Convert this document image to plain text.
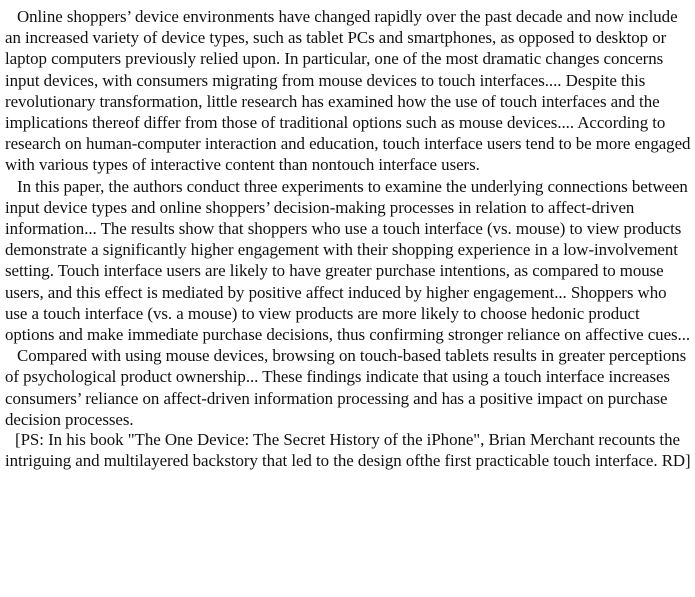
Online shoppers’ device environments have changed rapidly over the past decade and now include an increased variety of device types, such as tablet PCs and smartphones, as opposed to desktop or laptop computers previously relied upon. In particular, one of the most dramatic changes concerns input devices, with consumers migrating from mouse devices to touch interfaces.... Despite this revolutionary transformation, little research has examined how the use of touch interfaces and the implications thereof differ from those of traditional options such as mouse devices.... According to research on human-computer interaction and education, touch interface users tend to be more engaged with various types of interactive content than nontouch interface users.

In this paper, the authors conduct three experiments to examine the underlying connections between input device types and online shoppers’ decision-making processes in relation to affect-driven information... The results show that shoppers who use a touch interface (vs. mouse) to view products demonstrate a significantly higher engagement with their shopping experience in a low-involvement setting. Touch interface users are likely to have greater purchase intentions, as compared to mouse users, and this effect is mediated by positive affect induced by higher engagement... Shoppers who use a touch interface (vs. a mouse) to view products are more likely to choose hedonic product options and make immediate purchase decisions, thus confirming stronger reliance on affective cues...

Compared with using mouse devices, browsing on touch-based tablets results in greater perceptions of psychological product ownership... These findings indicate that using a touch interface increases consumers’ reliance on affect-driven information processing and has a positive impact on purchase decision processes.

[PS: In his book "The One Device: The Secret History of the iPhone", Brian Merchant recounts the intriguing and multilayered backstory that led to the design ofthe first practicable touch interface. RD]
